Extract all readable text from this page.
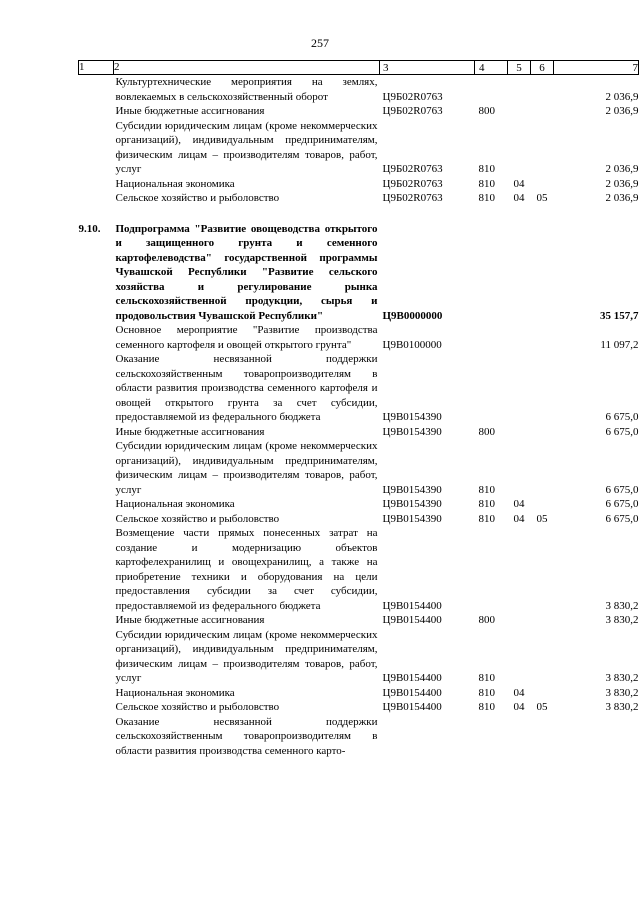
257
1	2	3	4	5	6	7
	Культуртехнические мероприятия на землях, вовлекаемых в сельскохозяйственный оборот	Ц9Б02R0763				2 036,9
	Иные бюджетные ассигнования	Ц9Б02R0763	800			2 036,9
	Субсидии юридическим лицам (кроме некоммерческих организаций), индивидуальным предпринимателям, физическим лицам – производителям товаров, работ, услуг	Ц9Б02R0763	810			2 036,9
	Национальная экономика	Ц9Б02R0763	810	04		2 036,9
	Сельское хозяйство и рыболовство	Ц9Б02R0763	810	04	05	2 036,9

9.10.	Подпрограмма "Развитие овощеводства открытого и защищенного грунта и семенного картофелеводства" государственной программы Чувашской Республики "Развитие сельского хозяйства и регулирование рынка сельскохозяйственной продукции, сырья и продовольствия Чувашской Республики"	Ц9В0000000				35 157,7
	Основное мероприятие "Развитие производства семенного картофеля и овощей открытого грунта"	Ц9В0100000				11 097,2
	Оказание несвязанной поддержки сельскохозяйственным товаропроизводителям в области развития производства семенного картофеля и овощей открытого грунта за счет субсидии, предоставляемой из федерального бюджета	Ц9В0154390				6 675,0
	Иные бюджетные ассигнования	Ц9В0154390	800			6 675,0
	Субсидии юридическим лицам (кроме некоммерческих организаций), индивидуальным предпринимателям, физическим лицам – производителям товаров, работ, услуг	Ц9В0154390	810			6 675,0
	Национальная экономика	Ц9В0154390	810	04		6 675,0
	Сельское хозяйство и рыболовство	Ц9В0154390	810	04	05	6 675,0
	Возмещение части прямых понесенных затрат на создание и модернизацию объектов картофелехранилищ и овощехранилищ, а также на приобретение техники и оборудования на цели предоставления субсидии за счет субсидии, предоставляемой из федерального бюджета	Ц9В0154400				3 830,2
	Иные бюджетные ассигнования	Ц9В0154400	800			3 830,2
	Субсидии юридическим лицам (кроме некоммерческих организаций), индивидуальным предпринимателям, физическим лицам – производителям товаров, работ, услуг	Ц9В0154400	810			3 830,2
	Национальная экономика	Ц9В0154400	810	04		3 830,2
	Сельское хозяйство и рыболовство	Ц9В0154400	810	04	05	3 830,2
	Оказание несвязанной поддержки сельскохозяйственным товаропроизводителям в области развития производства семенного карто-					
